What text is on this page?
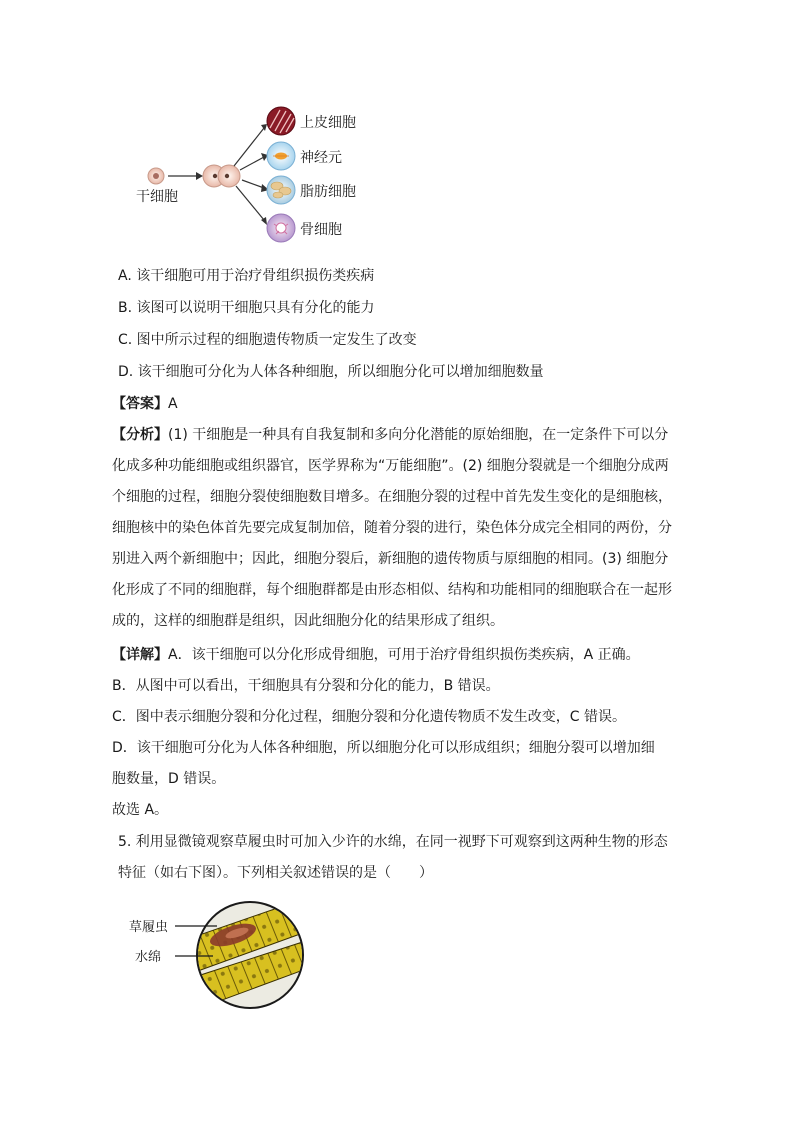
干细胞
上皮细胞
神经元
脂肪细胞
骨细胞
A. 该干细胞可用于治疗骨组织损伤类疾病
B. 该图可以说明干细胞只具有分化的能力
C. 图中所示过程的细胞遗传物质一定发生了改变
D. 该干细胞可分化为人体各种细胞，所以细胞分化可以增加细胞数量
【答案】A
【分析】(1) 干细胞是一种具有自我复制和多向分化潜能的原始细胞，在一定条件下可以分
化成多种功能细胞或组织器官，医学界称为“万能细胞”。(2) 细胞分裂就是一个细胞分成两
个细胞的过程，细胞分裂使细胞数目增多。在细胞分裂的过程中首先发生变化的是细胞核，
细胞核中的染色体首先要完成复制加倍，随着分裂的进行，染色体分成完全相同的两份，分
别进入两个新细胞中；因此，细胞分裂后，新细胞的遗传物质与原细胞的相同。(3) 细胞分
化形成了不同的细胞群，每个细胞群都是由形态相似、结构和功能相同的细胞联合在一起形
成的，这样的细胞群是组织，因此细胞分化的结果形成了组织。
【详解】A．该干细胞可以分化形成骨细胞，可用于治疗骨组织损伤类疾病，A 正确。
B．从图中可以看出，干细胞具有分裂和分化的能力，B 错误。
C．图中表示细胞分裂和分化过程，细胞分裂和分化遗传物质不发生改变，C 错误。
D．该干细胞可分化为人体各种细胞，所以细胞分化可以形成组织；细胞分裂可以增加细
胞数量，D 错误。
故选 A。
5. 利用显微镜观察草履虫时可加入少许的水绵，在同一视野下可观察到这两种生物的形态
特征（如右下图）。下列相关叙述错误的是（　　）
草履虫
水绵
